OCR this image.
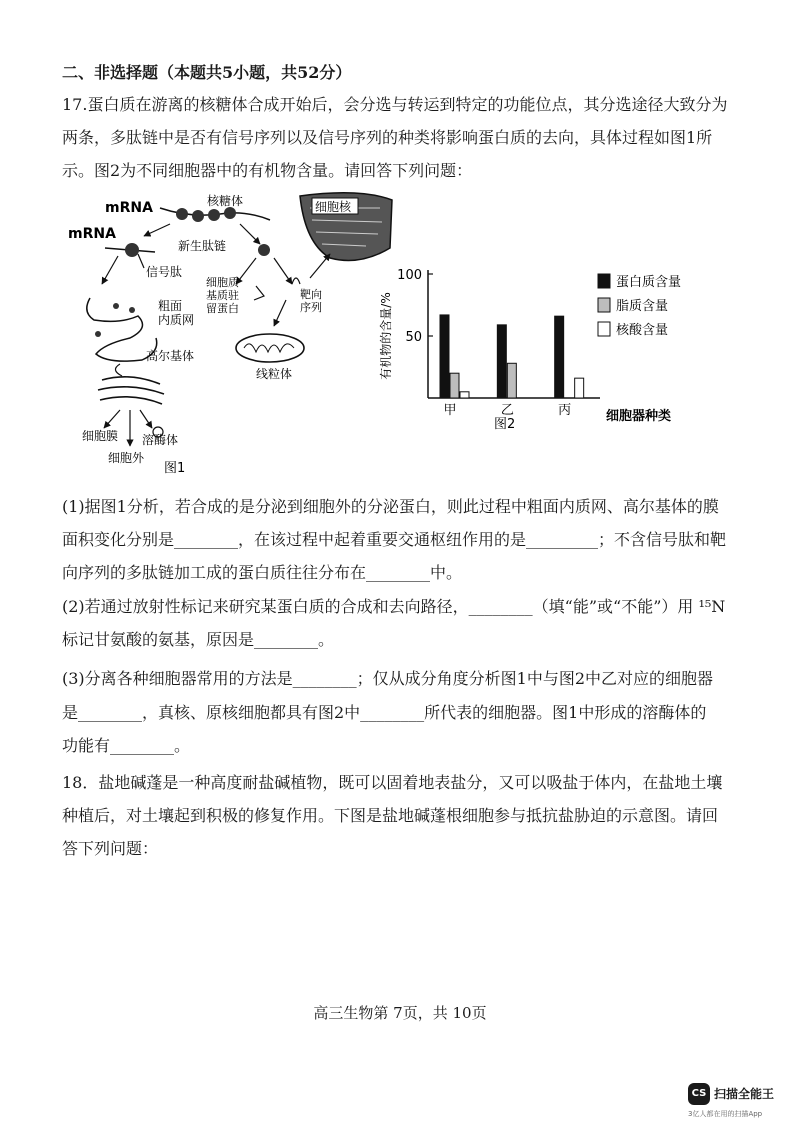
二、非选择题（本题共5小题，共52分）
17.蛋白质在游离的核糖体合成开始后，会分选与转运到特定的功能位点，其分选途径大致分为
两条，多肽链中是否有信号序列以及信号序列的种类将影响蛋白质的去向，具体过程如图1所
示。图2为不同细胞器中的有机物含量。请回答下列问题：
细胞核
mRNA	核糖体
新生肽链
mRNA
信号肽
粗面
内质网
高尔基体
细胞膜 溶酶体
细胞外
图1
细胞质
基质驻
留蛋白
靶向
序列
线粒体
50
100
有机物的含量/%
细胞器种类
甲	乙	丙
图2
蛋白质含量
脂质含量
核酸含量
(1)据图1分析，若合成的是分泌到细胞外的分泌蛋白，则此过程中粗面内质网、高尔基体的膜
面积变化分别是________，在该过程中起着重要交通枢纽作用的是_________；不含信号肽和靶
向序列的多肽链加工成的蛋白质往往分布在________中。
(2)若通过放射性标记来研究某蛋白质的合成和去向路径，________（填“能”或“不能”）用 ¹⁵N
标记甘氨酸的氨基，原因是________。
(3)分离各种细胞器常用的方法是________；仅从成分角度分析图1中与图2中乙对应的细胞器
是________，真核、原核细胞都具有图2中________所代表的细胞器。图1中形成的溶酶体的
功能有________。
18．盐地碱蓬是一种高度耐盐碱植物，既可以固着地表盐分，又可以吸盐于体内，在盐地土壤
种植后，对土壤起到积极的修复作用。下图是盐地碱蓬根细胞参与抵抗盐胁迫的示意图。请回
答下列问题：
高三生物第 7页，共 10页
CS 扫描全能王
3亿人都在用的扫描App
